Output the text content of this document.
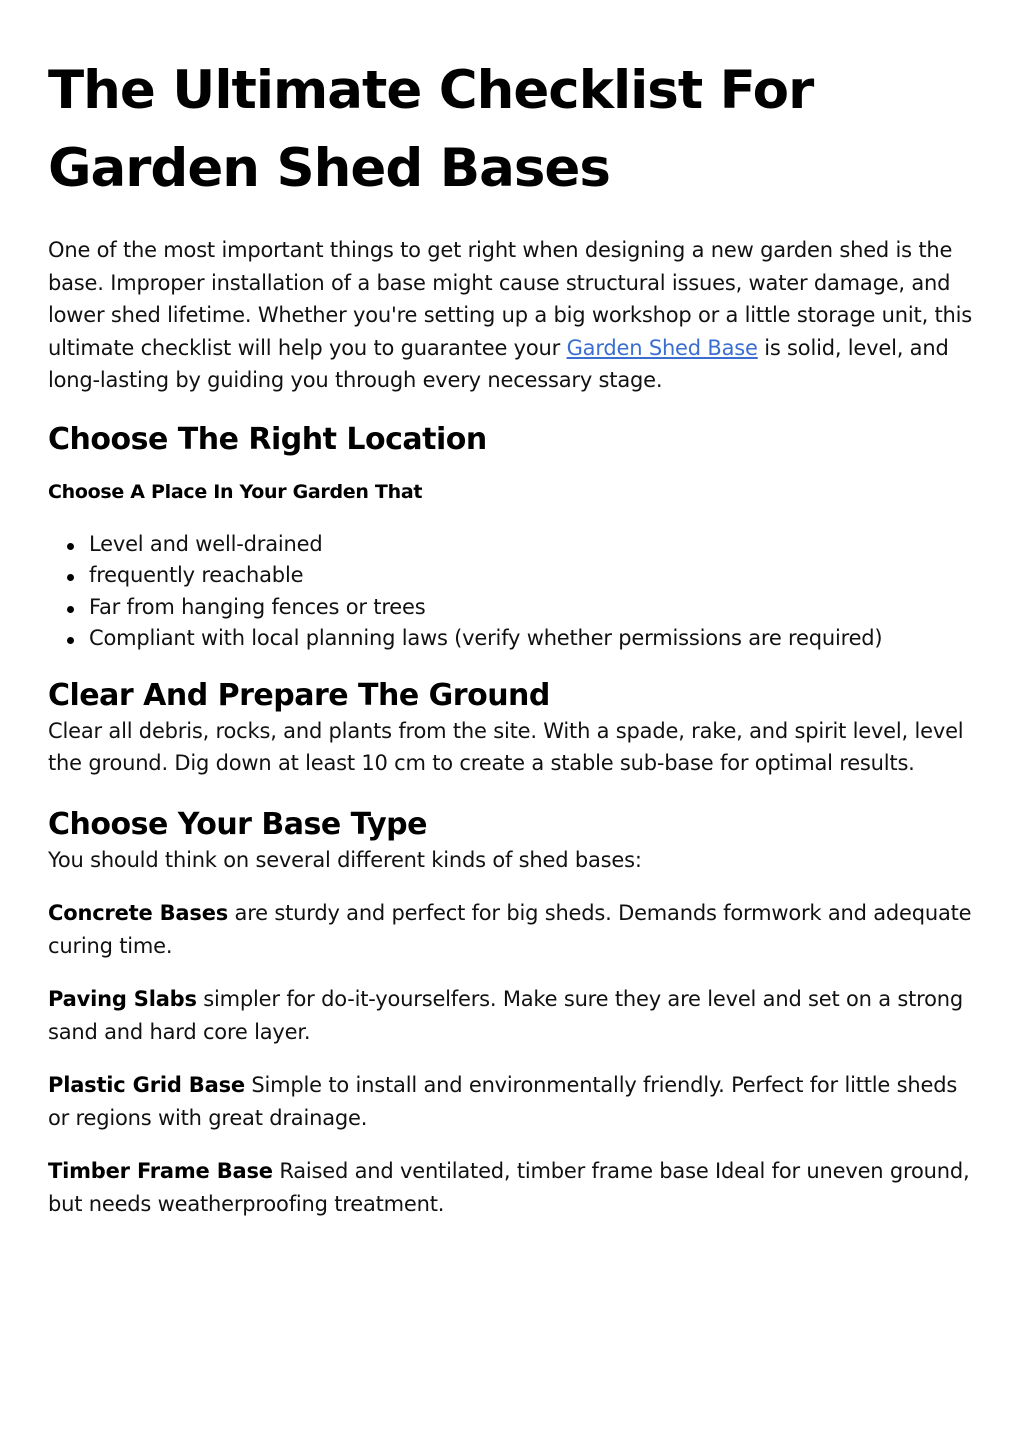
The Ultimate Checklist For Garden Shed Bases

One of the most important things to get right when designing a new garden shed is the base. Improper installation of a base might cause structural issues, water damage, and lower shed lifetime. Whether you're setting up a big workshop or a little storage unit, this ultimate checklist will help you to guarantee your Garden Shed Base is solid, level, and long-lasting by guiding you through every necessary stage.

Choose The Right Location
Choose A Place In Your Garden That
Level and well-drained
frequently reachable
Far from hanging fences or trees
Compliant with local planning laws (verify whether permissions are required)
Clear And Prepare The Ground

Clear all debris, rocks, and plants from the site. With a spade, rake, and spirit level, level the ground. Dig down at least 10 cm to create a stable sub-base for optimal results.

Choose Your Base Type

You should think on several different kinds of shed bases:

Concrete Bases are sturdy and perfect for big sheds. Demands formwork and adequate curing time.

Paving Slabs simpler for do-it-yourselfers. Make sure they are level and set on a strong sand and hard core layer.

Plastic Grid Base Simple to install and environmentally friendly. Perfect for little sheds or regions with great drainage.

Timber Frame Base Raised and ventilated, timber frame base Ideal for uneven ground, but needs weatherproofing treatment.
